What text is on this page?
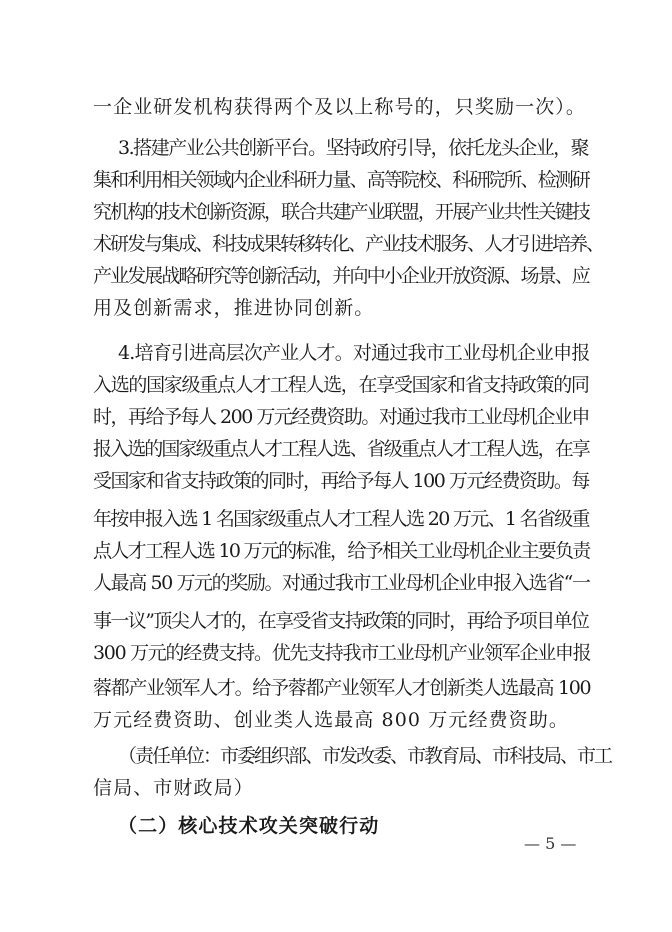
一企业研发机构获得两个及以上称号的，只奖励一次）。
3.搭建产业公共创新平台。坚持政府引导，依托龙头企业，聚
集和利用相关领域内企业科研力量、高等院校、科研院所、检测研
究机构的技术创新资源，联合共建产业联盟，开展产业共性关键技
术研发与集成、科技成果转移转化、产业技术服务、人才引进培养、
产业发展战略研究等创新活动，并向中小企业开放资源、场景、应
用及创新需求，推进协同创新。
4.培育引进高层次产业人才。对通过我市工业母机企业申报
入选的国家级重点人才工程人选，在享受国家和省支持政策的同
时，再给予每人 200 万元经费资助。对通过我市工业母机企业申
报入选的国家级重点人才工程人选、省级重点人才工程人选，在享
受国家和省支持政策的同时，再给予每人 100 万元经费资助。每
年按申报入选 1 名国家级重点人才工程人选 20 万元、1 名省级重
点人才工程人选 10 万元的标准，给予相关工业母机企业主要负责
人最高 50 万元的奖励。对通过我市工业母机企业申报入选省“一
事一议”顶尖人才的，在享受省支持政策的同时，再给予项目单位
300 万元的经费支持。优先支持我市工业母机产业领军企业申报
蓉都产业领军人才。给予蓉都产业领军人才创新类人选最高 100
万元经费资助、创业类人选最高 800 万元经费资助。
（责任单位：市委组织部、市发改委、市教育局、市科技局、市工
信局、市财政局）
（二）核心技术攻关突破行动
— 5 —
